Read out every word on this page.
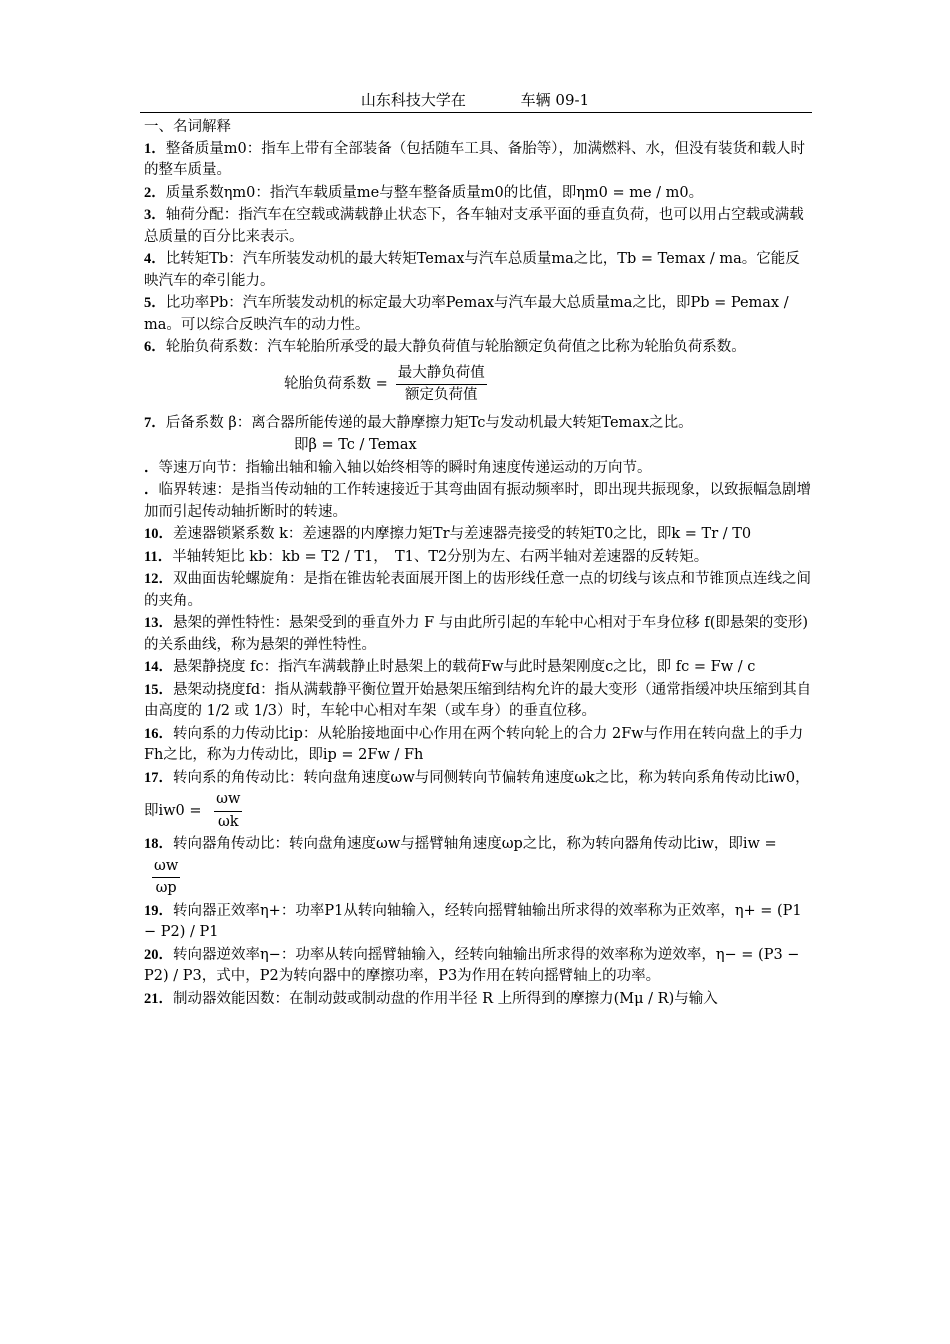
山东科技大学在	车辆 09-1
一、名词解释
1．整备质量m0：指车上带有全部装备（包括随车工具、备胎等），加满燃料、水，但没有装货和载人时的整车质量。
2．质量系数ηm0：指汽车载质量me与整车整备质量m0的比值，即ηm0 = me / m0。
3．轴荷分配：指汽车在空载或满载静止状态下，各车轴对支承平面的垂直负荷，也可以用占空载或满载总质量的百分比来表示。
4．比转矩Tb：汽车所装发动机的最大转矩Temax与汽车总质量ma之比，Tb = Temax / ma。它能反映汽车的牵引能力。
5．比功率Pb：汽车所装发动机的标定最大功率Pemax与汽车最大总质量ma之比，即Pb = Pemax / ma。可以综合反映汽车的动力性。
6．轮胎负荷系数：汽车轮胎所承受的最大静负荷值与轮胎额定负荷值之比称为轮胎负荷系数。
轮胎负荷系数 = $\frac{\text{最大静负荷值}}{\text{额定负荷值}}$
7．后备系数 β：离合器所能传递的最大静摩擦力矩Tc与发动机最大转矩Temax之比。
即β = Tc / Temax
．等速万向节：指输出轴和输入轴以始终相等的瞬时角速度传递运动的万向节。
．临界转速：是指当传动轴的工作转速接近于其弯曲固有振动频率时，即出现共振现象，以致振幅急剧增加而引起传动轴折断时的转速。
10．差速器锁紧系数 k：差速器的内摩擦力矩Tr与差速器壳接受的转矩T0之比，即k = Tr / T0
11．半轴转矩比 kb：kb = T2 / T1，　T1、T2分别为左、右两半轴对差速器的反转矩。
12．双曲面齿轮螺旋角：是指在锥齿轮表面展开图上的齿形线任意一点的切线与该点和节锥顶点连线之间的夹角。
13．悬架的弹性特性：悬架受到的垂直外力 F 与由此所引起的车轮中心相对于车身位移 f(即悬架的变形)的关系曲线，称为悬架的弹性特性。
14．悬架静挠度 fc：指汽车满载静止时悬架上的载荷Fw与此时悬架刚度c之比，即 fc = Fw / c
15．悬架动挠度fd：指从满载静平衡位置开始悬架压缩到结构允许的最大变形（通常指缓冲块压缩到其自由高度的 1/2 或 1/3）时，车轮中心相对车架（或车身）的垂直位移。
16．转向系的力传动比ip：从轮胎接地面中心作用在两个转向轮上的合力 2Fw与作用在转向盘上的手力Fh之比，称为力传动比，即ip = 2Fw / Fh
17．转向系的角传动比：转向盘角速度ωw与同侧转向节偏转角速度ωk之比，称为转向系角传动比iw0，即$iw0 = \frac{\omega w}{\omega k}$
18．转向器角传动比：转向盘角速度ωw与摇臂轴角速度ωp之比，称为转向器角传动比iw，即iw =
$\frac{\omega w}{\omega p}$
19．转向器正效率η+：功率P1从转向轴输入，经转向摇臂轴输出所求得的效率称为正效率，η+ = (P1 − P2) / P1
20．转向器逆效率η−：功率从转向摇臂轴输入，经转向轴输出所求得的效率称为逆效率，η− = (P3 − P2) / P3，式中，P2为转向器中的摩擦功率，P3为作用在转向摇臂轴上的功率。
21．制动器效能因数：在制动鼓或制动盘的作用半径 R 上所得到的摩擦力(Mμ / R)与输入
